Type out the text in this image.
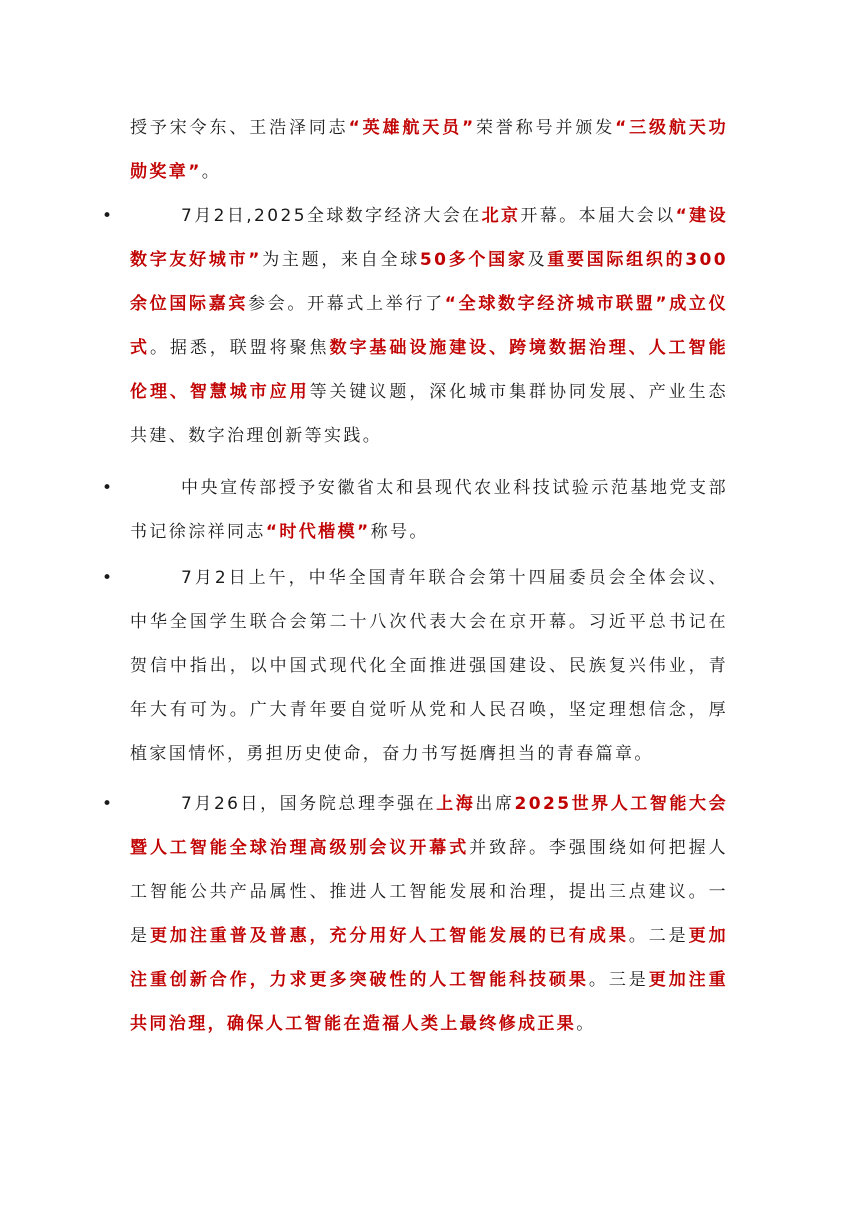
授予宋令东、王浩泽同志“英雄航天员”荣誉称号并颁发“三级航天功勋奖章”。

•	7月2日,2025全球数字经济大会在北京开幕。本届大会以“建设数字友好城市”为主题，来自全球50多个国家及重要国际组织的300余位国际嘉宾参会。开幕式上举行了“全球数字经济城市联盟”成立仪式。据悉，联盟将聚焦数字基础设施建设、跨境数据治理、人工智能伦理、智慧城市应用等关键议题，深化城市集群协同发展、产业生态共建、数字治理创新等实践。

•	中央宣传部授予安徽省太和县现代农业科技试验示范基地党支部书记徐淙祥同志“时代楷模”称号。

•	7月2日上午，中华全国青年联合会第十四届委员会全体会议、中华全国学生联合会第二十八次代表大会在京开幕。习近平总书记在贺信中指出，以中国式现代化全面推进强国建设、民族复兴伟业，青年大有可为。广大青年要自觉听从党和人民召唤，坚定理想信念，厚植家国情怀，勇担历史使命，奋力书写挺膺担当的青春篇章。

•	7月26日，国务院总理李强在上海出席2025世界人工智能大会暨人工智能全球治理高级别会议开幕式并致辞。李强围绕如何把握人工智能公共产品属性、推进人工智能发展和治理，提出三点建议。一是更加注重普及普惠，充分用好人工智能发展的已有成果。二是更加注重创新合作，力求更多突破性的人工智能科技硕果。三是更加注重共同治理，确保人工智能在造福人类上最终修成正果。
